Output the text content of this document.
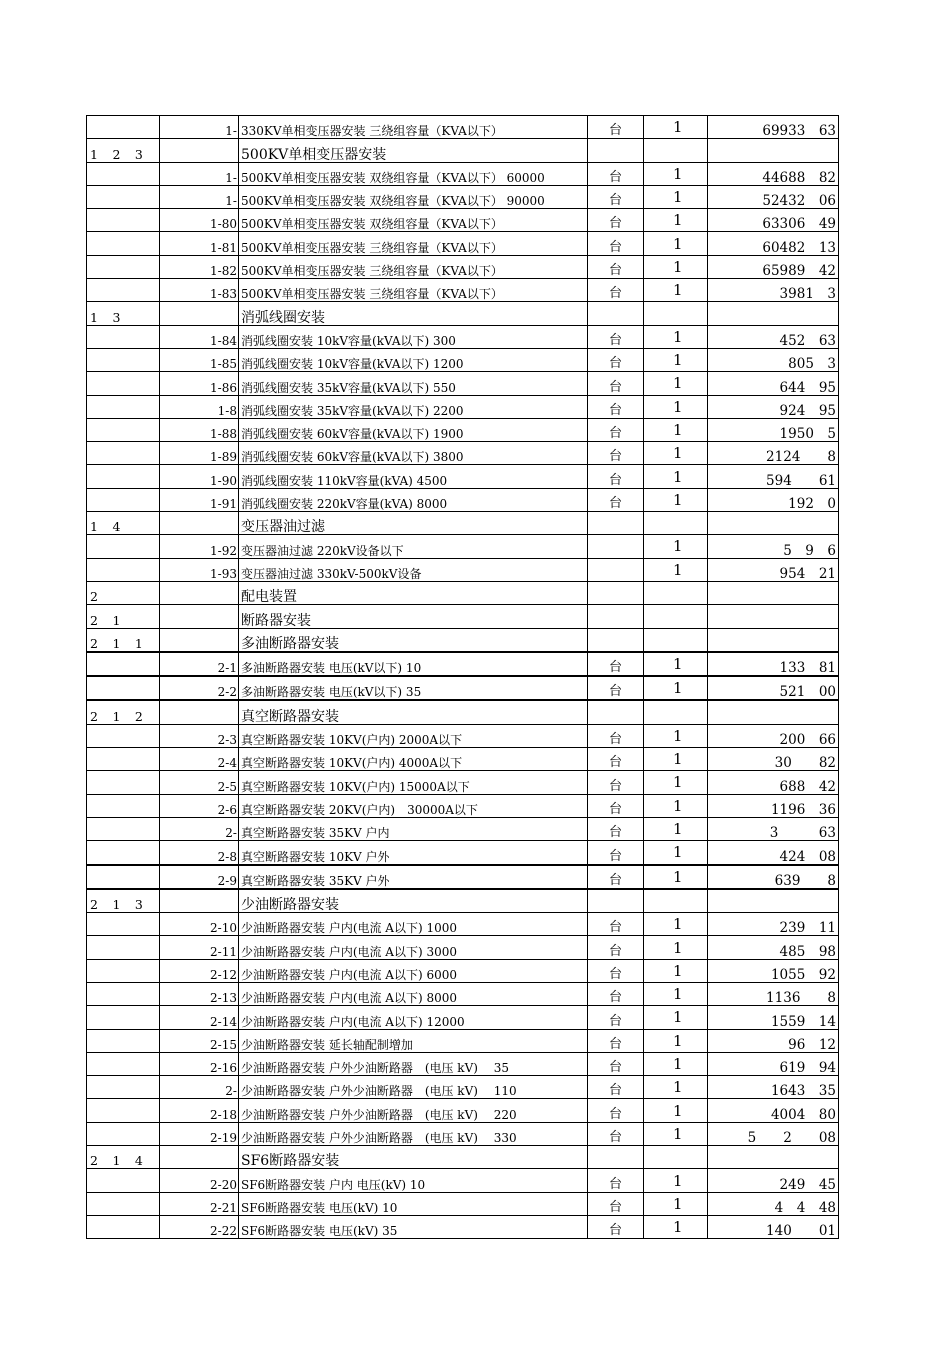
	1-	330KV单相变压器安装 三绕组容量（KVA以下）	台	1	69933　63
1　2　3		500KV单相变压器安装			
	1-	500KV单相变压器安装 双绕组容量（KVA以下） 60000	台	1	44688　82
	1-	500KV单相变压器安装 双绕组容量（KVA以下） 90000	台	1	52432　06
	1-80	500KV单相变压器安装 双绕组容量（KVA以下）	台	1	63306　49
	1-81	500KV单相变压器安装 三绕组容量（KVA以下）	台	1	60482　13
	1-82	500KV单相变压器安装 三绕组容量（KVA以下）	台	1	65989　42
	1-83	500KV单相变压器安装 三绕组容量（KVA以下）	台	1	3981　3
1　3		消弧线圈安装			
	1-84	消弧线圈安装 10kV容量(kVA以下) 300	台	1	452　63
	1-85	消弧线圈安装 10kV容量(kVA以下) 1200	台	1	805　3
	1-86	消弧线圈安装 35kV容量(kVA以下) 550	台	1	644　95
	1-8	消弧线圈安装 35kV容量(kVA以下) 2200	台	1	924　95
	1-88	消弧线圈安装 60kV容量(kVA以下) 1900	台	1	1950　5
	1-89	消弧线圈安装 60kV容量(kVA以下) 3800	台	1	2124　　8
	1-90	消弧线圈安装 110kV容量(kVA) 4500	台	1	594　　61
	1-91	消弧线圈安装 220kV容量(kVA) 8000	台	1	192　0
1　4		变压器油过滤			
	1-92	变压器油过滤 220kV设备以下		1	5　9　6
	1-93	变压器油过滤 330kV-500kV设备		1	954　21
2		配电装置			
2　1		断路器安装			
2　1　1		多油断路器安装			
	2-1	多油断路器安装 电压(kV以下) 10	台	1	133　81
	2-2	多油断路器安装 电压(kV以下) 35	台	1	521　00
2　1　2		真空断路器安装			
	2-3	真空断路器安装 10KV(户内) 2000A以下	台	1	200　66
	2-4	真空断路器安装 10KV(户内) 4000A以下	台	1	30　　82
	2-5	真空断路器安装 10KV(户内) 15000A以下	台	1	688　42
	2-6	真空断路器安装 20KV(户内)　30000A以下	台	1	1196　36
	2-	真空断路器安装 35KV 户内	台	1	3　　　63
	2-8	真空断路器安装 10KV 户外	台	1	424　08
	2-9	真空断路器安装 35KV 户外	台	1	639　　8
2　1　3		少油断路器安装			
	2-10	少油断路器安装 户内(电流 A以下) 1000	台	1	239　11
	2-11	少油断路器安装 户内(电流 A以下) 3000	台	1	485　98
	2-12	少油断路器安装 户内(电流 A以下) 6000	台	1	1055　92
	2-13	少油断路器安装 户内(电流 A以下) 8000	台	1	1136　　8
	2-14	少油断路器安装 户内(电流 A以下) 12000	台	1	1559　14
	2-15	少油断路器安装 延长轴配制增加	台	1	96　12
	2-16	少油断路器安装 户外少油断路器　(电压 kV)　 35	台	1	619　94
	2-	少油断路器安装 户外少油断路器　(电压 kV)　 110	台	1	1643　35
	2-18	少油断路器安装 户外少油断路器　(电压 kV)　 220	台	1	4004　80
	2-19	少油断路器安装 户外少油断路器　(电压 kV)　 330	台	1	5　　2　　08
2　1　4		SF6断路器安装			
	2-20	SF6断路器安装 户内 电压(kV) 10	台	1	249　45
	2-21	SF6断路器安装 电压(kV) 10	台	1	4　4　48
	2-22	SF6断路器安装 电压(kV) 35	台	1	140　　01
